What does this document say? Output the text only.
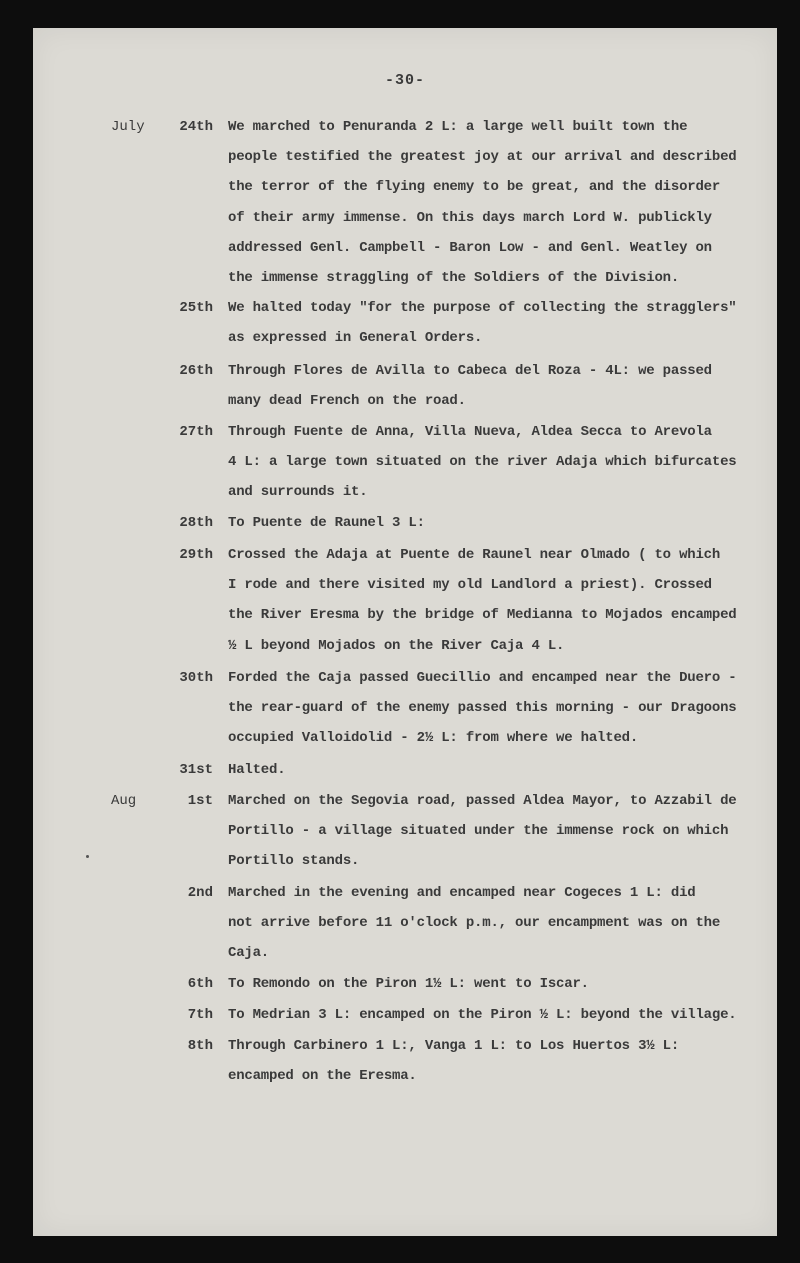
-30-
July	24th We marched to Penuranda 2 L: a large well built town the
people testified the greatest joy at our arrival and described
the terror of the flying enemy to be great, and the disorder
of their army immense. On this days march Lord W. publickly
addressed Genl. Campbell - Baron Low - and Genl. Weatley on
the immense straggling of the Soldiers of the Division.
25th We halted today "for the purpose of collecting the stragglers"
as expressed in General Orders.
26th Through Flores de Avilla to Cabeca del Roza - 4L: we passed
many dead French on the road.
27th Through Fuente de Anna, Villa Nueva, Aldea Secca to Arevola
4 L: a large town situated on the river Adaja which bifurcates
and surrounds it.
28th To Puente de Raunel 3 L:
29th Crossed the Adaja at Puente de Raunel near Olmado ( to which
I rode and there visited my old Landlord a priest). Crossed
the River Eresma by the bridge of Medianna to Mojados encamped
½ L beyond Mojados on the River Caja 4 L.
30th Forded the Caja passed Guecillio and encamped near the Duero -
the rear-guard of the enemy passed this morning - our Dragoons
occupied Valloidolid - 2½ L: from where we halted.
31st Halted.
Aug	1st Marched on the Segovia road, passed Aldea Mayor, to Azzabil de
Portillo - a village situated under the immense rock on which
Portillo stands.
2nd Marched in the evening and encamped near Cogeces 1 L: did
not arrive before 11 o'clock p.m., our encampment was on the
Caja.
6th To Remondo on the Piron 1½ L: went to Iscar.
7th To Medrian 3 L: encamped on the Piron ½ L: beyond the village.
8th Through Carbinero 1 L:, Vanga 1 L: to Los Huertos 3½ L:
encamped on the Eresma.
